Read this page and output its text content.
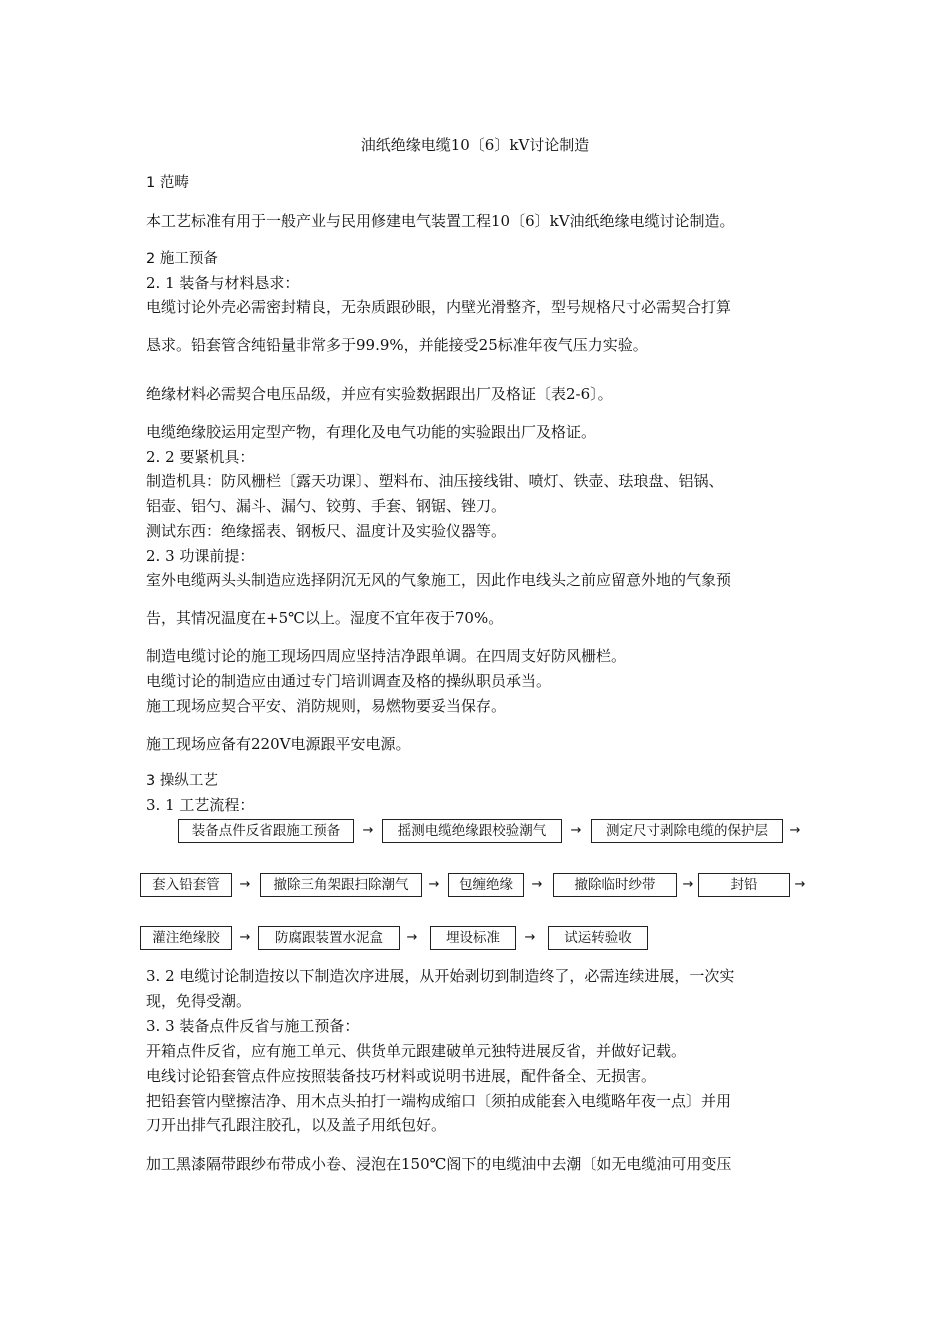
油纸绝缘电缆10〔6〕kV讨论制造
1 范畴
本工艺标准有用于一般产业与民用修建电气装置工程10〔6〕kV油纸绝缘电缆讨论制造。
2 施工预备
2. 1 装备与材料恳求：
电缆讨论外壳必需密封精良，无杂质跟砂眼，内壁光滑整齐，型号规格尺寸必需契合打算
恳求。铅套管含纯铅量非常多于99.9%，并能接受25标准年夜气压力实验。
绝缘材料必需契合电压品级，并应有实验数据跟出厂及格证〔表2-6〕。
电缆绝缘胶运用定型产物，有理化及电气功能的实验跟出厂及格证。
2. 2 要紧机具：
制造机具：防风栅栏〔露天功课〕、塑料布、油压接线钳、喷灯、铁壶、珐琅盘、铝锅、
铝壶、铝勺、漏斗、漏勺、铰剪、手套、钢锯、锉刀。
测试东西：绝缘摇表、钢板尺、温度计及实验仪器等。
2. 3 功课前提：
室外电缆两头头制造应选择阴沉无风的气象施工，因此作电线头之前应留意外地的气象预
告，其情况温度在+5℃以上。湿度不宜年夜于70%。
制造电缆讨论的施工现场四周应坚持洁净跟单调。在四周支好防风栅栏。
电缆讨论的制造应由通过专门培训调查及格的操纵职员承当。
施工现场应契合平安、消防规则，易燃物要妥当保存。
施工现场应备有220V电源跟平安电源。
3 操纵工艺
3. 1 工艺流程：
装备点件反省跟施工预备	→	摇测电缆绝缘跟校验潮气	→	测定尺寸剥除电缆的保护层	→
套入铅套管	→	撤除三角架跟扫除潮气	→	包缠绝缘	→	撤除临时纱带	→	封铅	→
灌注绝缘胶	→	防腐跟装置水泥盒	→	埋设标准	→	试运转验收
3. 2 电缆讨论制造按以下制造次序进展，从开始剥切到制造终了，必需连续进展，一次实
现，免得受潮。
3. 3 装备点件反省与施工预备：
开箱点件反省，应有施工单元、供货单元跟建破单元独特进展反省，并做好记载。
电线讨论铅套管点件应按照装备技巧材料或说明书进展，配件备全、无损害。
把铅套管内壁擦洁净、用木点头拍打一端构成缩口〔须拍成能套入电缆略年夜一点〕并用
刀开出排气孔跟注胶孔，以及盖子用纸包好。
加工黑漆隔带跟纱布带成小卷、浸泡在150℃阁下的电缆油中去潮〔如无电缆油可用变压
